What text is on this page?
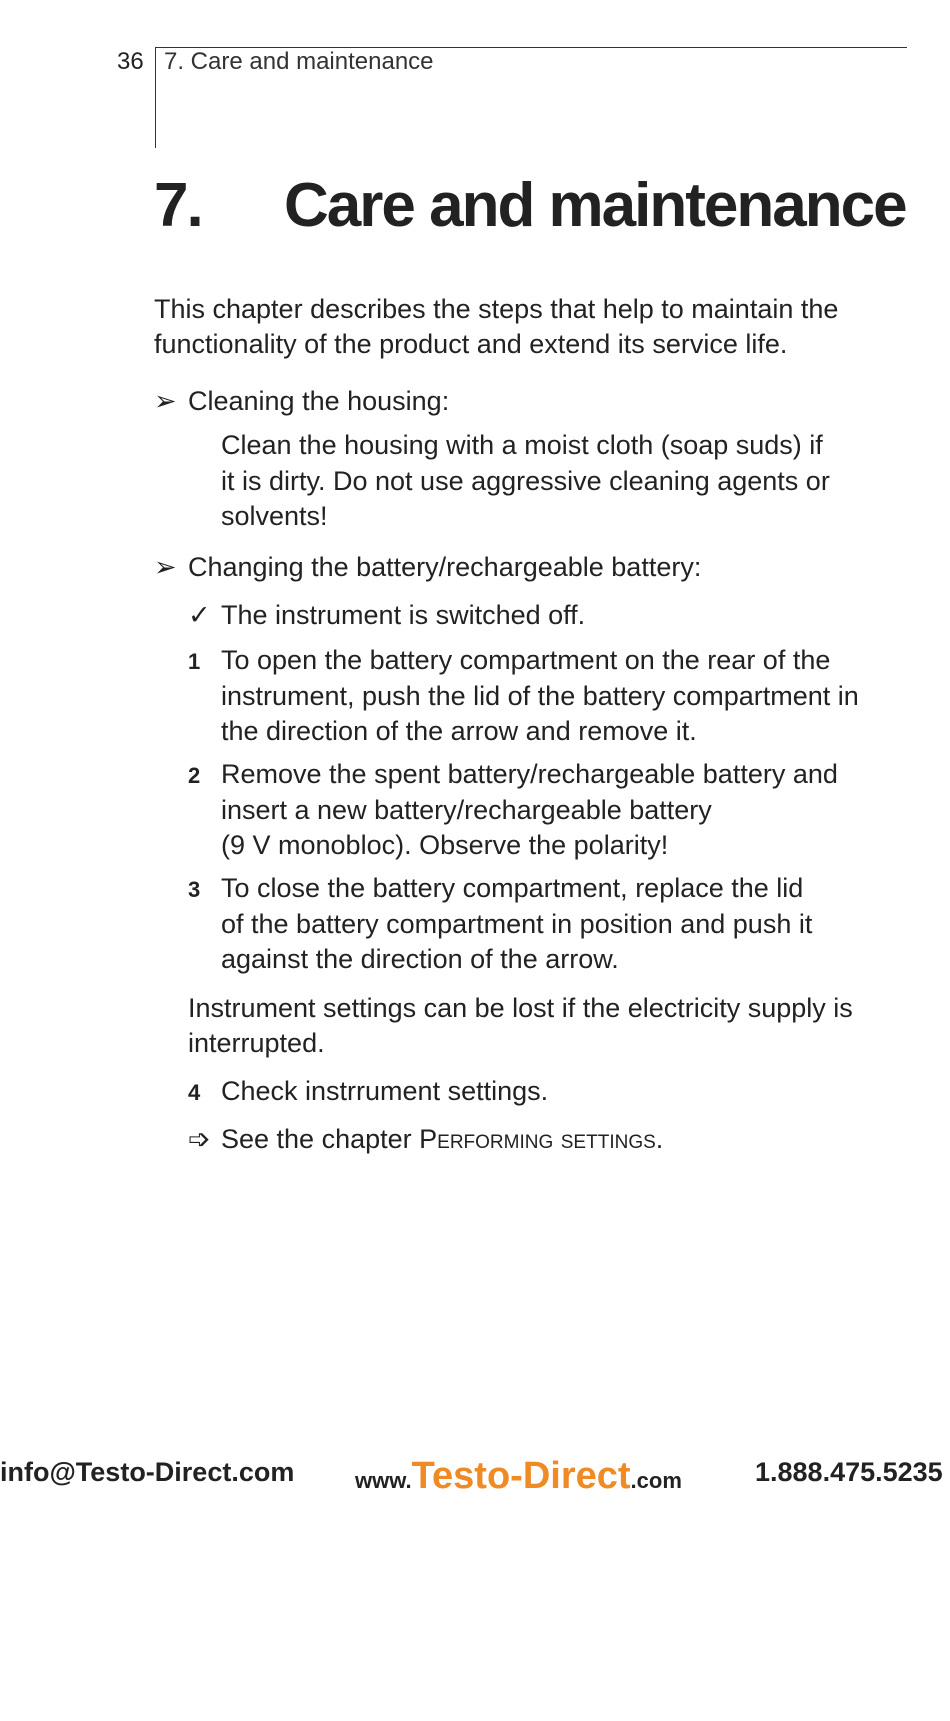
36 7. Care and maintenance
7. Care and maintenance
This chapter describes the steps that help to maintain the
functionality of the product and extend its service life.
➢ Cleaning the housing:
Clean the housing with a moist cloth (soap suds) if
it is dirty. Do not use aggressive cleaning agents or
solvents!
➢ Changing the battery/rechargeable battery:
✓ The instrument is switched off.
1 To open the battery compartment on the rear of the
instrument, push the lid of the battery compartment in
the direction of the arrow and remove it.
2 Remove the spent battery/rechargeable battery and
insert a new battery/rechargeable battery
(9 V monobloc). Observe the polarity!
3 To close the battery compartment, replace the lid
of the battery compartment in position and push it
against the direction of the arrow.
Instrument settings can be lost if the electricity supply is
interrupted.
4 Check instrrument settings.
➩ See the chapter Performing settings.
info@Testo-Direct.com	www.Testo-Direct.com	1.888.475.5235
